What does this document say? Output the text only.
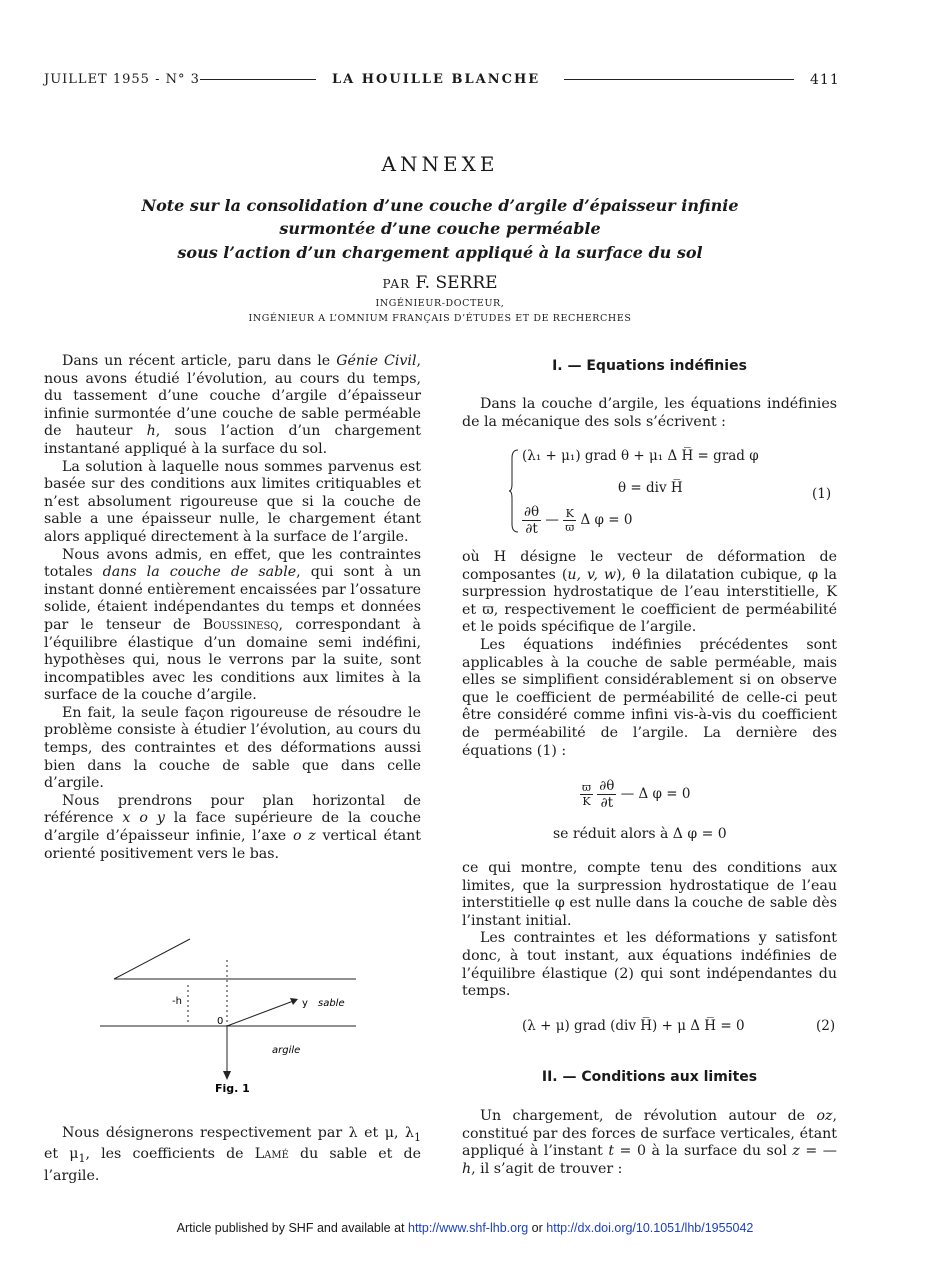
JUILLET 1955 - N° 3	LA HOUILLE BLANCHE	411
ANNEXE
Note sur la consolidation d’une couche d’argile d’épaisseur infinie
surmontée d’une couche perméable
sous l’action d’un chargement appliqué à la surface du sol
PAR F. SERRE
INGÉNIEUR-DOCTEUR,
INGÉNIEUR A L’OMNIUM FRANÇAIS D’ÉTUDES ET DE RECHERCHES

Dans un récent article, paru dans le Génie Civil, nous avons étudié l’évolution, au cours du temps, du tassement d’une couche d’argile d’épaisseur infinie surmontée d’une couche de sable perméable de hauteur h, sous l’action d’un chargement instantané appliqué à la surface du sol.

La solution à laquelle nous sommes parvenus est basée sur des conditions aux limites critiquables et n’est absolument rigoureuse que si la couche de sable a une épaisseur nulle, le chargement étant alors appliqué directement à la surface de l’argile.

Nous avons admis, en effet, que les contraintes totales dans la couche de sable, qui sont à un instant donné entièrement encaissées par l’ossature solide, étaient indépendantes du temps et données par le tenseur de Boussinesq, correspondant à l’équilibre élastique d’un domaine semi indéfini, hypothèses qui, nous le verrons par la suite, sont incompatibles avec les conditions aux limites à la surface de la couche d’argile.

En fait, la seule façon rigoureuse de résoudre le problème consiste à étudier l’évolution, au cours du temps, des contraintes et des déformations aussi bien dans la couche de sable que dans celle d’argile.

Nous prendrons pour plan horizontal de référence x o y la face supérieure de la couche d’argile d’épaisseur infinie, l’axe o z vertical étant orienté positivement vers le bas.

-h
0
y sable
argile
Fig. 1

Nous désignerons respectivement par λ et μ, $\lambda_1$ et $\mu_1$, les coefficients de Lamé du sable et de l’argile.

I. — Equations indéfinies

Dans la couche d’argile, les équations indéfinies de la mécanique des sols s’écrivent :

(λ₁ + μ₁) grad θ + μ₁ Δ H̅ = grad φ
θ = div H̅
$\frac{\partial\theta}{\partial t}$ — $\frac{K}{ϖ}$ Δ φ = 0
(1)

où H désigne le vecteur de déformation de composantes (u, v, w), θ la dilatation cubique, φ la surpression hydrostatique de l’eau interstitielle, K et ϖ, respectivement le coefficient de perméabilité et le poids spécifique de l’argile.

Les équations indéfinies précédentes sont applicables à la couche de sable perméable, mais elles se simplifient considérablement si on observe que le coefficient de perméabilité de celle-ci peut être considéré comme infini vis-à-vis du coefficient de perméabilité de l’argile. La dernière des équations (1) :

$\frac{ϖ}{K}$
$\frac{\partial\theta}{\partial t}$ — Δ φ = 0
se réduit alors à Δ φ = 0

ce qui montre, compte tenu des conditions aux limites, que la surpression hydrostatique de l’eau interstitielle φ est nulle dans la couche de sable dès l’instant initial.

Les contraintes et les déformations y satisfont donc, à tout instant, aux équations indéfinies de l’équilibre élastique (2) qui sont indépendantes du temps.

(λ + μ) grad (div H̅) + μ Δ H̅ = 0	(2)
II. — Conditions aux limites

Un chargement, de révolution autour de oz, constitué par des forces de surface verticales, étant appliqué à l’instant t = 0 à la surface du sol z = — h, il s’agit de trouver :

Article published by SHF and available at http://www.shf-lhb.org or http://dx.doi.org/10.1051/lhb/1955042
